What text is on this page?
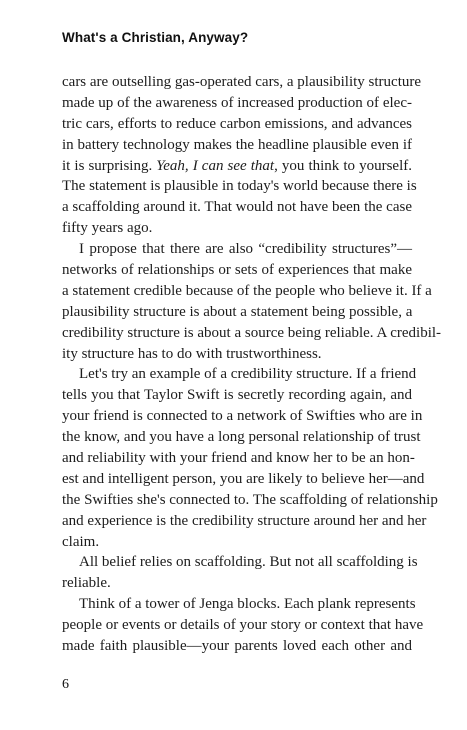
What's a Christian, Anyway?
cars are outselling gas-operated cars, a plausibility structure
made up of the awareness of increased production of elec-
tric cars, efforts to reduce carbon emissions, and advances
in battery technology makes the headline plausible even if
it is surprising. Yeah, I can see that, you think to yourself.
The statement is plausible in today's world because there is
a scaffolding around it. That would not have been the case
fifty years ago.
I propose that there are also “credibility structures”—
networks of relationships or sets of experiences that make
a statement credible because of the people who believe it. If a
plausibility structure is about a statement being possible, a
credibility structure is about a source being reliable. A credibil-
ity structure has to do with trustworthiness.
Let's try an example of a credibility structure. If a friend
tells you that Taylor Swift is secretly recording again, and
your friend is connected to a network of Swifties who are in
the know, and you have a long personal relationship of trust
and reliability with your friend and know her to be an hon-
est and intelligent person, you are likely to believe her—and
the Swifties she's connected to. The scaffolding of relationship
and experience is the credibility structure around her and her
claim.
All belief relies on scaffolding. But not all scaffolding is
reliable.
Think of a tower of Jenga blocks. Each plank represents
people or events or details of your story or context that have
made faith plausible—your parents loved each other and
6
